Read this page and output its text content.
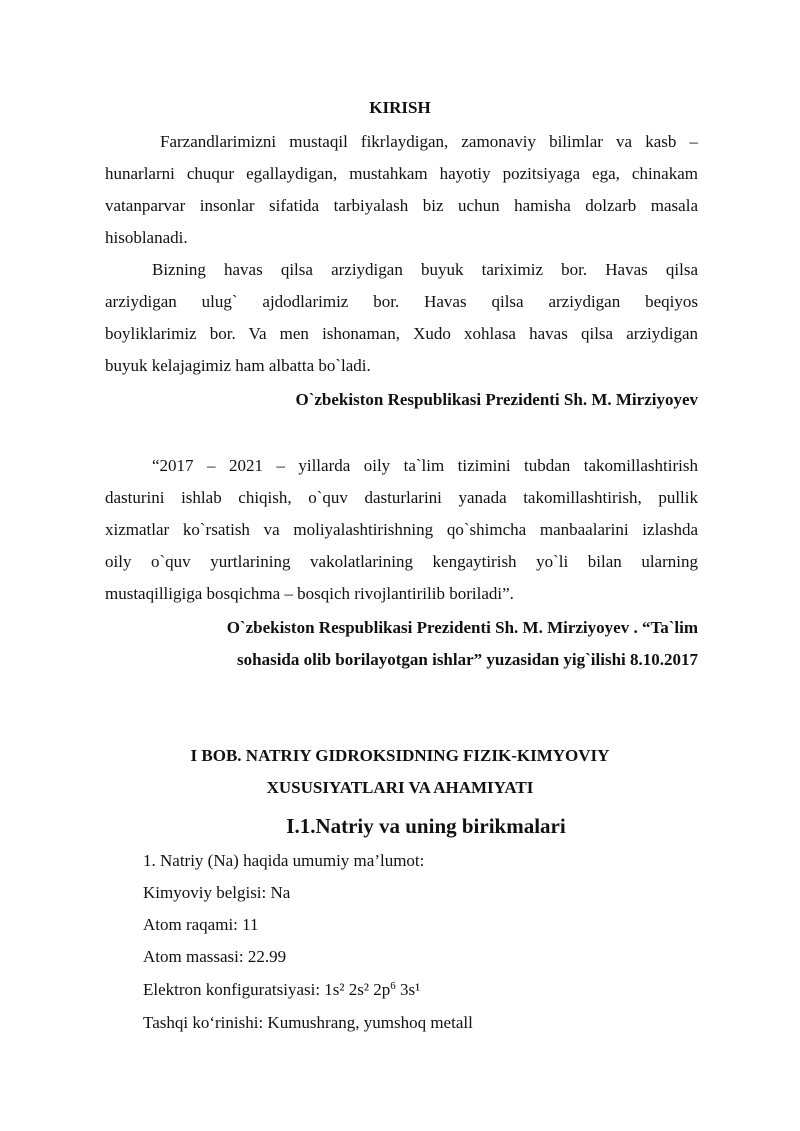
KIRISH
Farzandlarimizni mustaqil fikrlaydigan, zamonaviy bilimlar va kasb –
hunarlarni chuqur egallaydigan, mustahkam hayotiy pozitsiyaga ega, chinakam
vatanparvar insonlar sifatida tarbiyalash biz uchun hamisha dolzarb masala
hisoblanadi.
Bizning havas qilsa arziydigan buyuk tariximiz bor. Havas qilsa
arziydigan ulug` ajdodlarimiz bor. Havas qilsa arziydigan beqiyos
boyliklarimiz bor. Va men ishonaman, Xudo xohlasa havas qilsa arziydigan
buyuk kelajagimiz ham albatta bo`ladi.
O`zbekiston Respublikasi Prezidenti Sh. M. Mirziyoyev
“2017 – 2021 – yillarda oily ta`lim tizimini tubdan takomillashtirish
dasturini ishlab chiqish, o`quv dasturlarini yanada takomillashtirish, pullik
xizmatlar ko`rsatish va moliyalashtirishning qo`shimcha manbaalarini izlashda
oily o`quv yurtlarining vakolatlarining kengaytirish yo`li bilan ularning
mustaqilligiga bosqichma – bosqich rivojlantirilib boriladi”.
O`zbekiston Respublikasi Prezidenti Sh. M. Mirziyoyev . “Ta`lim
sohasida olib borilayotgan ishlar” yuzasidan yig`ilishi 8.10.2017
I BOB. NATRIY GIDROKSIDNING FIZIK-KIMYOVIY
XUSUSIYATLARI VA AHAMIYATI
I.1.Natriy va uning birikmalari
1. Natriy (Na) haqida umumiy ma’lumot:
Kimyoviy belgisi: Na
Atom raqami: 11
Atom massasi: 22.99
Elektron konfiguratsiyasi: 1s² 2s² $2p^6$ 3s¹
Tashqi ko‘rinishi: Kumushrang, yumshoq metall
